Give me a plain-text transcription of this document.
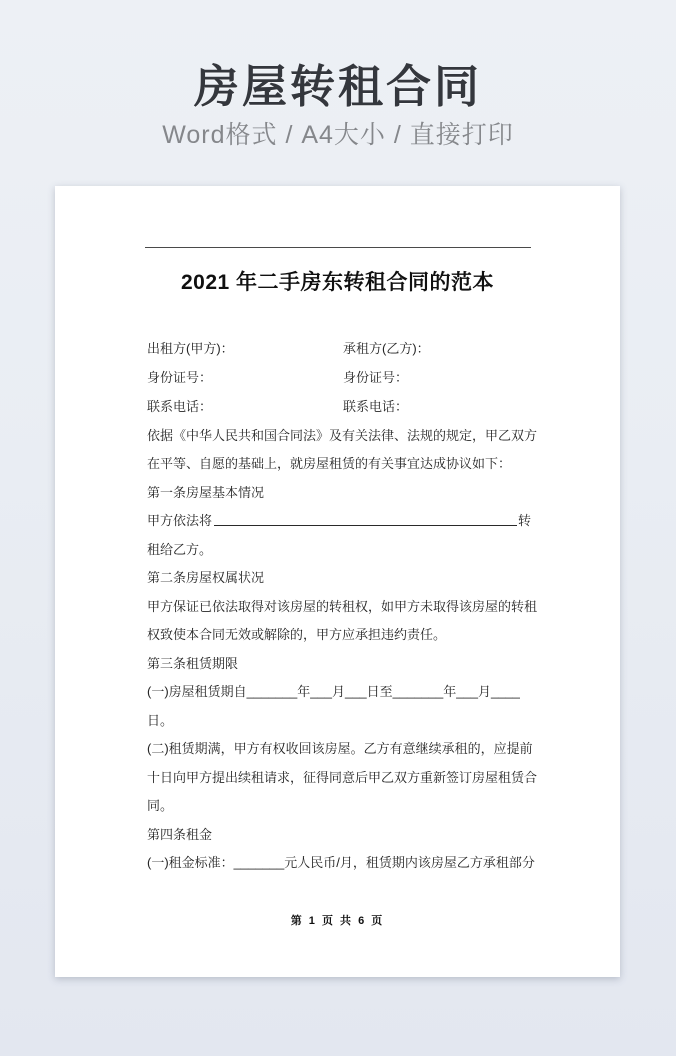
房屋转租合同
Word格式 / A4大小 / 直接打印
2021 年二手房东转租合同的范本
出租方(甲方)：	承租方(乙方)：
身份证号：	身份证号：
联系电话：	联系电话：
依据《中华人民共和国合同法》及有关法律、法规的规定，甲乙双方
在平等、自愿的基础上，就房屋租赁的有关事宜达成协议如下：
第一条房屋基本情况
甲方依法将	转
租给乙方。
第二条房屋权属状况
甲方保证已依法取得对该房屋的转租权，如甲方未取得该房屋的转租
权致使本合同无效或解除的，甲方应承担违约责任。
第三条租赁期限
(一)房屋租赁期自_______年___月___日至_______年___月____
日。
(二)租赁期满，甲方有权收回该房屋。乙方有意继续承租的，应提前
十日向甲方提出续租请求，征得同意后甲乙双方重新签订房屋租赁合
同。
第四条租金
(一)租金标准：_______元人民币/月，租赁期内该房屋乙方承租部分
第 1 页 共 6 页
